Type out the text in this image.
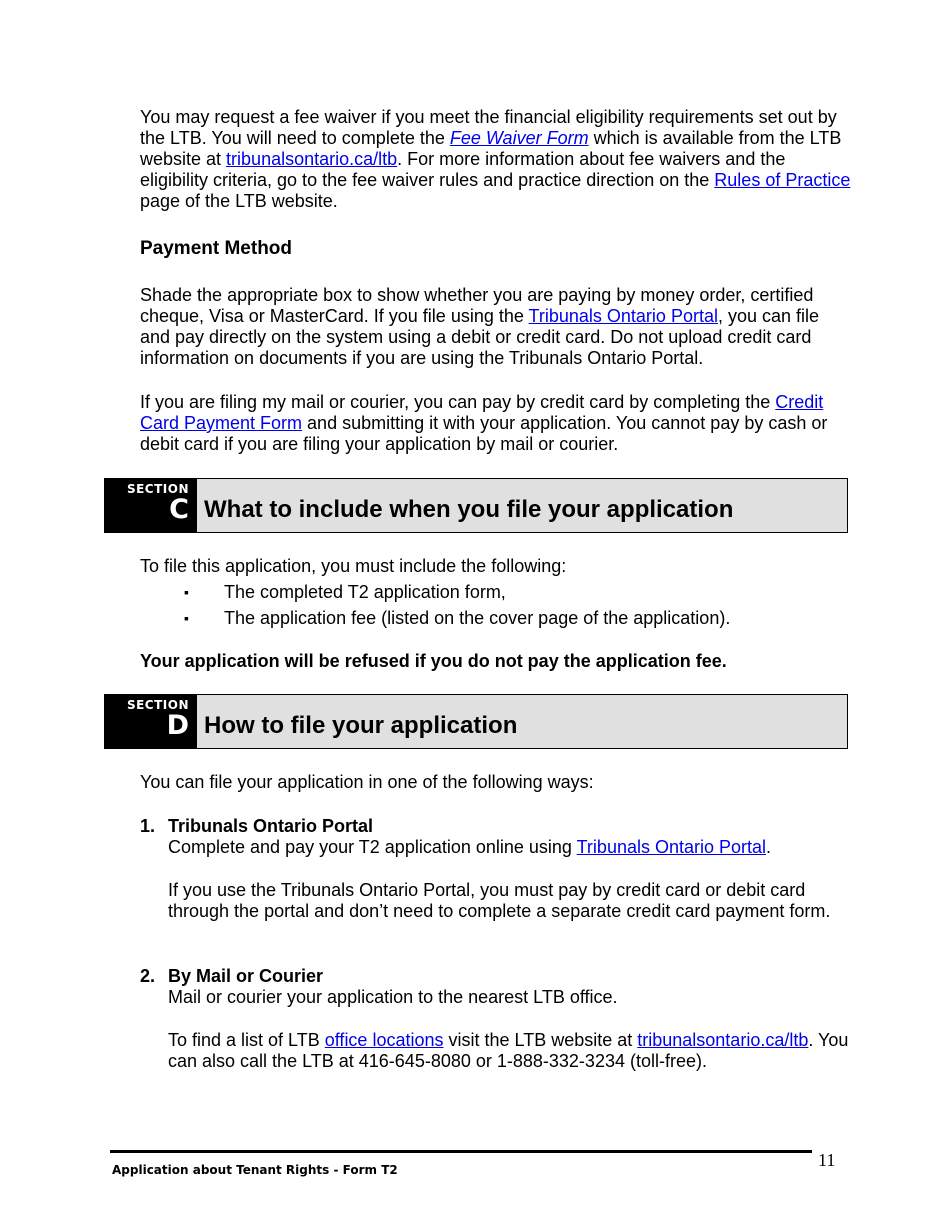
You may request a fee waiver if you meet the financial eligibility requirements set out by the LTB. You will need to complete the Fee Waiver Form which is available from the LTB website at tribunalsontario.ca/ltb. For more information about fee waivers and the eligibility criteria, go to the fee waiver rules and practice direction on the Rules of Practice page of the LTB website.

Payment Method

Shade the appropriate box to show whether you are paying by money order, certified cheque, Visa or MasterCard. If you file using the Tribunals Ontario Portal, you can file and pay directly on the system using a debit or credit card. Do not upload credit card information on documents if you are using the Tribunals Ontario Portal.

If you are filing my mail or courier, you can pay by credit card by completing the Credit Card Payment Form and submitting it with your application. You cannot pay by cash or debit card if you are filing your application by mail or courier.

SECTION
C What to include when you file your application

To file this application, you must include the following:

▪ The completed T2 application form,
▪ The application fee (listed on the cover page of the application).

Your application will be refused if you do not pay the application fee.

SECTION
D How to file your application

You can file your application in one of the following ways:

1. Tribunals Ontario Portal

Complete and pay your T2 application online using Tribunals Ontario Portal.

If you use the Tribunals Ontario Portal, you must pay by credit card or debit card through the portal and don’t need to complete a separate credit card payment form.

2. By Mail or Courier

Mail or courier your application to the nearest LTB office.

To find a list of LTB office locations visit the LTB website at tribunalsontario.ca/ltb. You can also call the LTB at 416-645-8080 or 1-888-332-3234 (toll-free).

Application about Tenant Rights - Form T2	11
